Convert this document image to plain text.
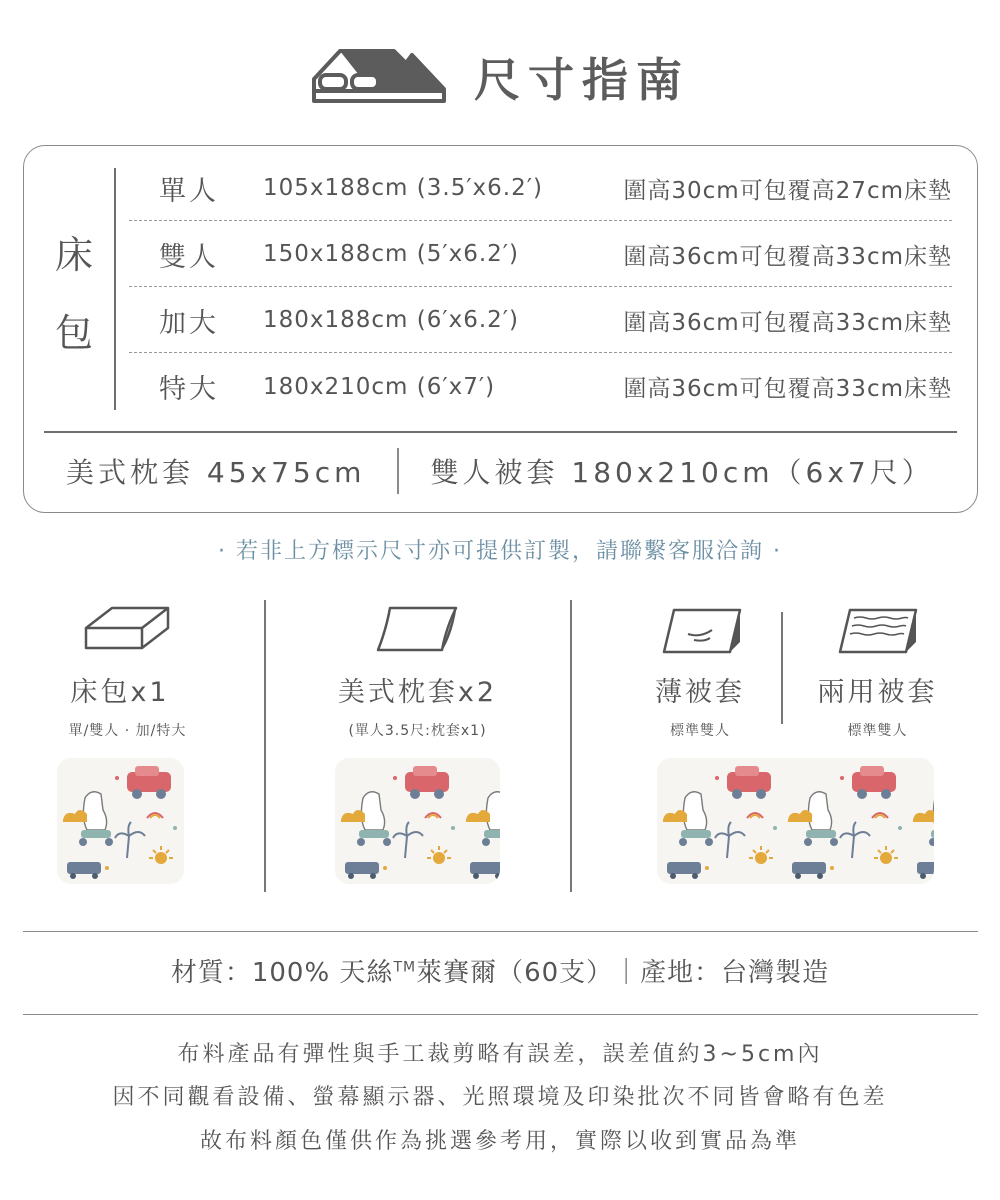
尺寸指南
床
包
單人	105x188cm (3.5′x6.2′)	圍高30cm可包覆高27cm床墊
雙人	150x188cm (5′x6.2′)	圍高36cm可包覆高33cm床墊
加大	180x188cm (6′x6.2′)	圍高36cm可包覆高33cm床墊
特大	180x210cm (6′x7′)	圍高36cm可包覆高33cm床墊
美式枕套 45x75cm	雙人被套 180x210cm（6x7尺）
· 若非上方標示尺寸亦可提供訂製，請聯繫客服洽詢 ·
床包x1
單/雙人 · 加/特大
美式枕套x2
(單人3.5尺:枕套x1)
薄被套
標準雙人
兩用被套
標準雙人
材質：100% 天絲™萊賽爾（60支）｜產地：台灣製造
布料產品有彈性與手工裁剪略有誤差，誤差值約3~5cm內
因不同觀看設備、螢幕顯示器、光照環境及印染批次不同皆會略有色差
故布料顏色僅供作為挑選參考用，實際以收到實品為準
